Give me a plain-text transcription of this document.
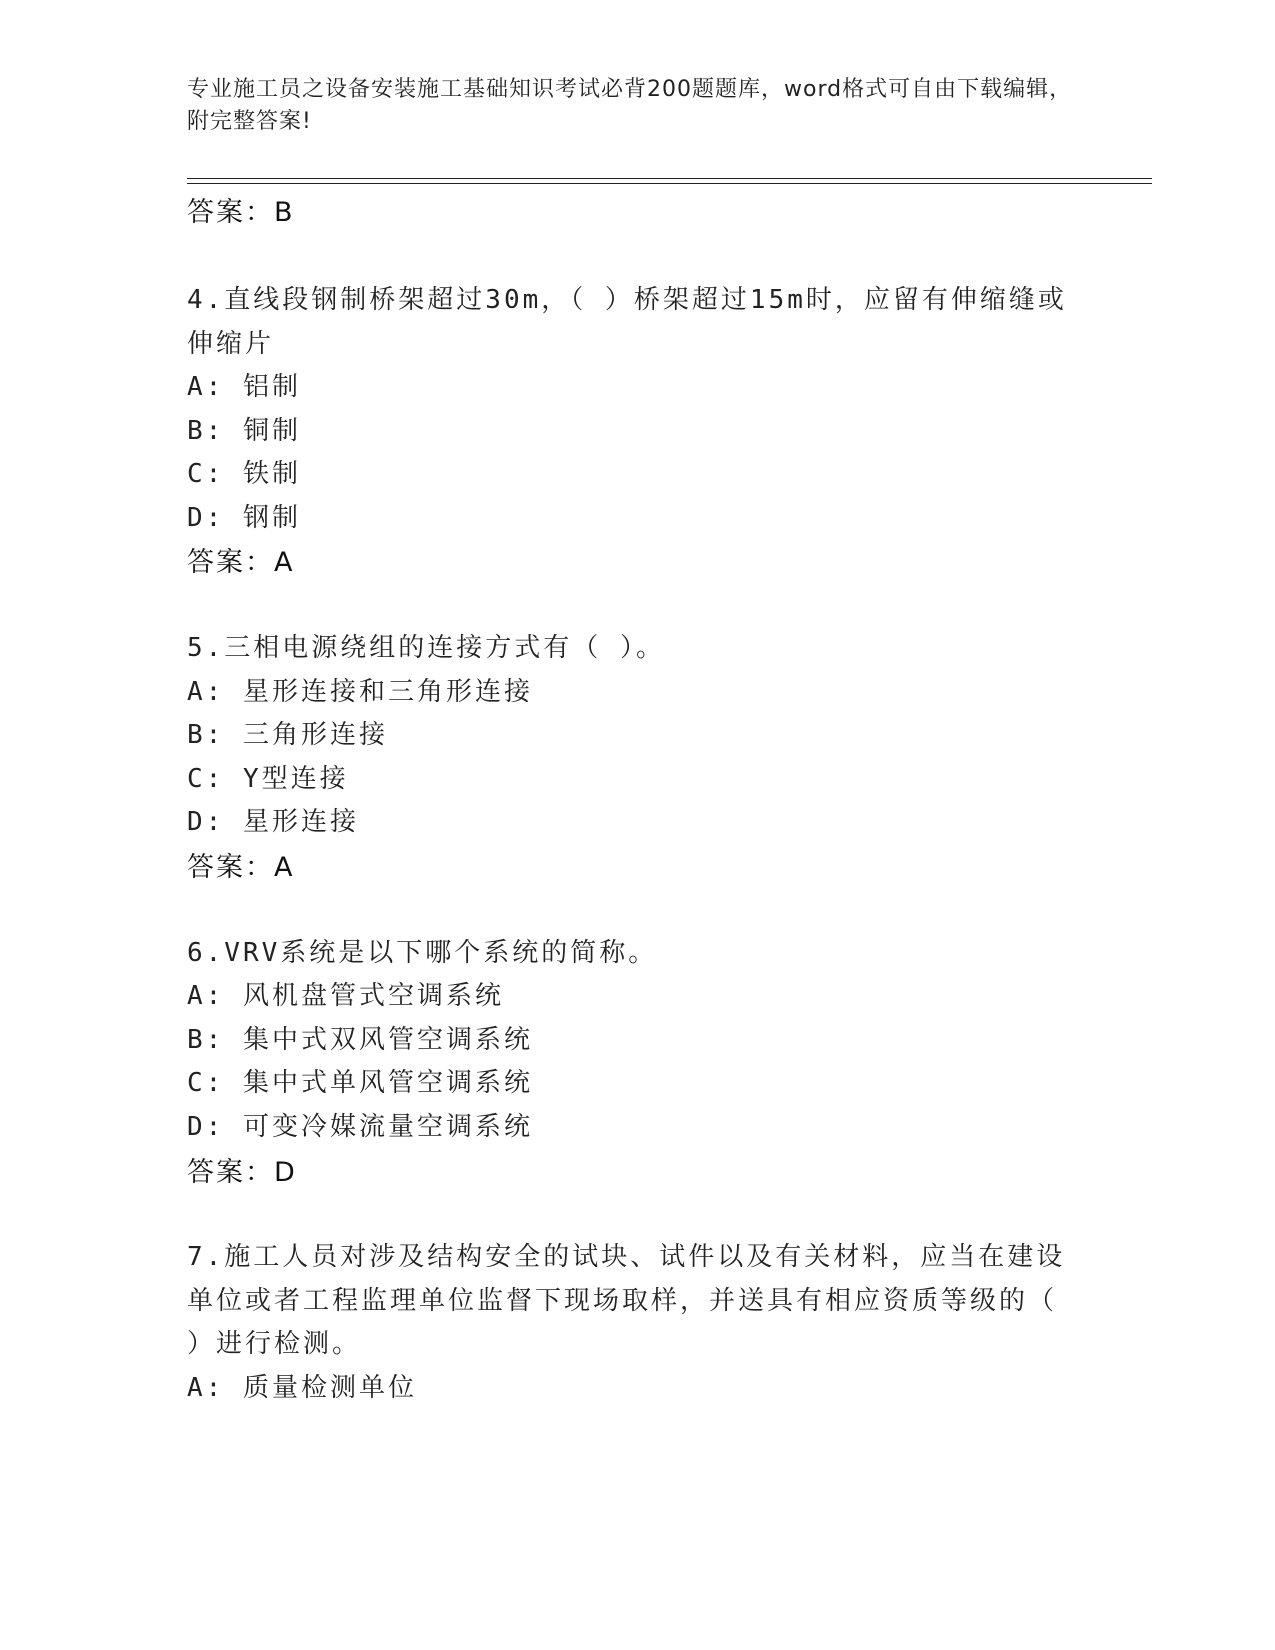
专业施工员之设备安装施工基础知识考试必背200题题库，word格式可自由下载编辑，附完整答案!
答案：B
4.直线段钢制桥架超过30m，（ ）桥架超过15m时，应留有伸缩缝或
伸缩片
A: 铝制
B: 铜制
C: 铁制
D: 钢制
答案：A
5.三相电源绕组的连接方式有（ ）。
A: 星形连接和三角形连接
B: 三角形连接
C: Y型连接
D: 星形连接
答案：A
6.VRV系统是以下哪个系统的简称。
A: 风机盘管式空调系统
B: 集中式双风管空调系统
C: 集中式单风管空调系统
D: 可变冷媒流量空调系统
答案：D
7.施工人员对涉及结构安全的试块、试件以及有关材料，应当在建设
单位或者工程监理单位监督下现场取样，并送具有相应资质等级的（
）进行检测。
A: 质量检测单位
